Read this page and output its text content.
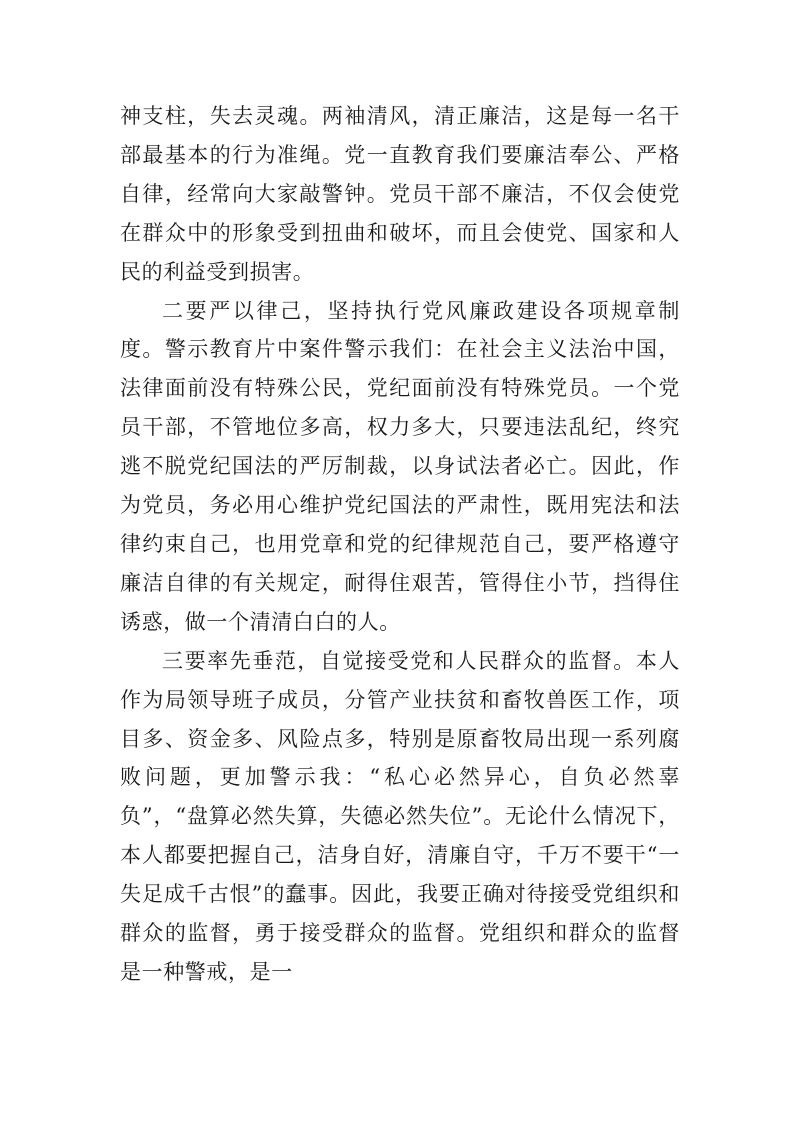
神支柱，失去灵魂。两袖清风，清正廉洁，这是每一名干部最基本的行为准绳。党一直教育我们要廉洁奉公、严格自律，经常向大家敲警钟。党员干部不廉洁，不仅会使党在群众中的形象受到扭曲和破坏，而且会使党、国家和人民的利益受到损害。

二要严以律己，坚持执行党风廉政建设各项规章制度。警示教育片中案件警示我们：在社会主义法治中国，法律面前没有特殊公民，党纪面前没有特殊党员。一个党员干部，不管地位多高，权力多大，只要违法乱纪，终究逃不脱党纪国法的严厉制裁，以身试法者必亡。因此，作为党员，务必用心维护党纪国法的严肃性，既用宪法和法律约束自己，也用党章和党的纪律规范自己，要严格遵守廉洁自律的有关规定，耐得住艰苦，管得住小节，挡得住诱惑，做一个清清白白的人。

三要率先垂范，自觉接受党和人民群众的监督。本人作为局领导班子成员，分管产业扶贫和畜牧兽医工作，项目多、资金多、风险点多，特别是原畜牧局出现一系列腐败问题，更加警示我：“私心必然异心，自负必然辜负”，“盘算必然失算，失德必然失位”。无论什么情况下，本人都要把握自己，洁身自好，清廉自守，千万不要干“一失足成千古恨”的蠢事。因此，我要正确对待接受党组织和群众的监督，勇于接受群众的监督。党组织和群众的监督是一种警戒，是一
